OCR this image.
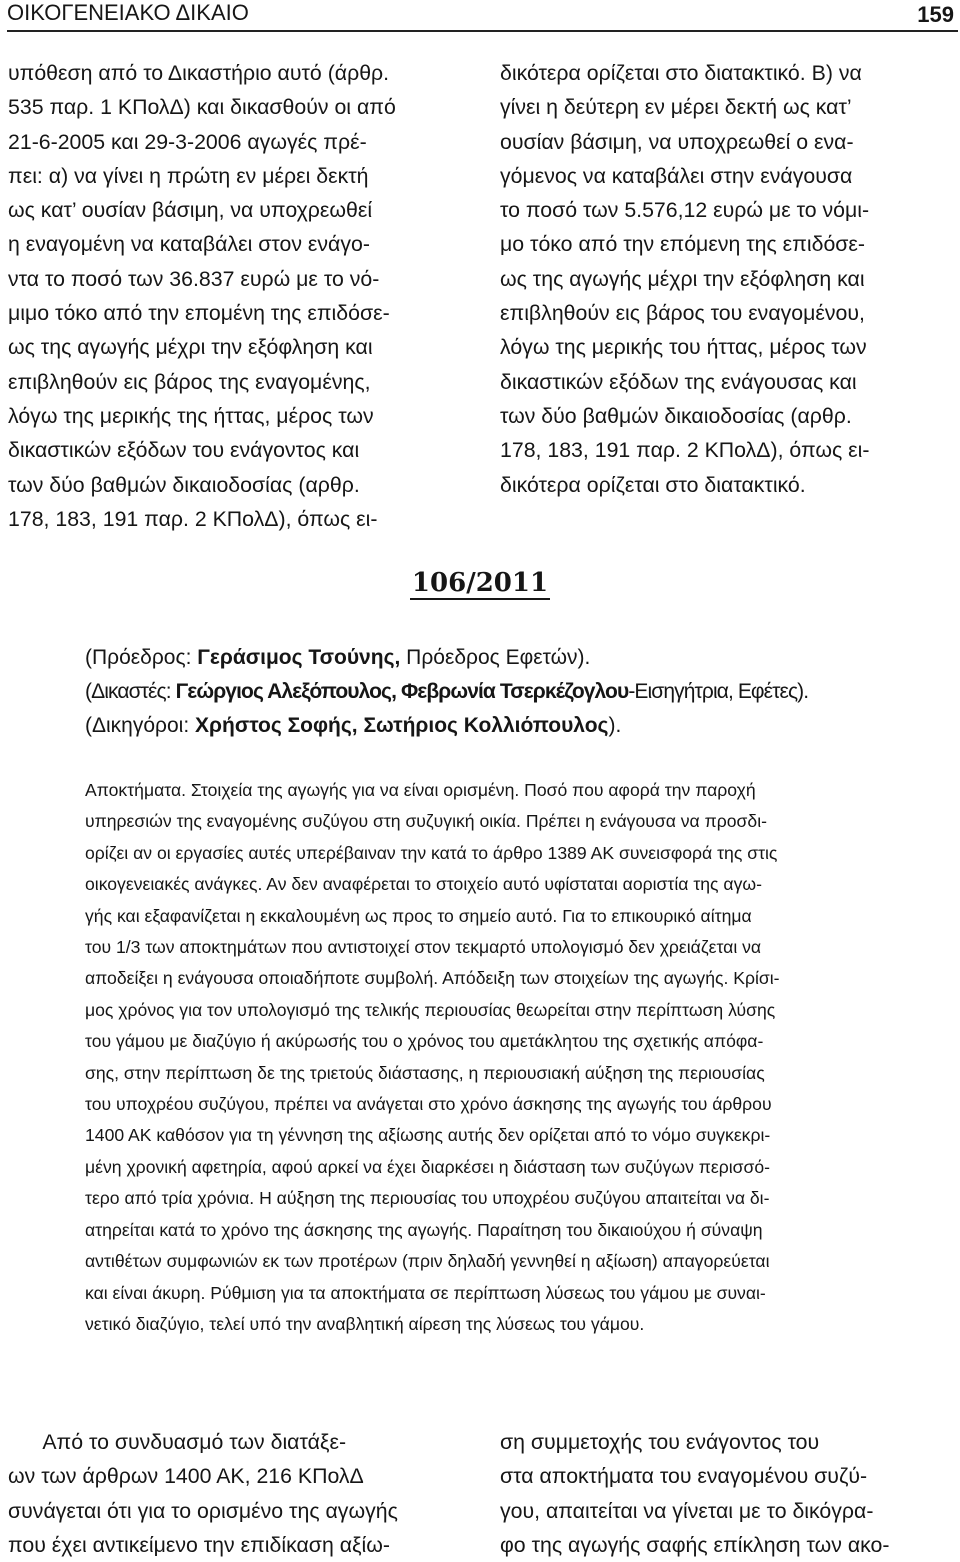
ΟΙΚΟΓΕΝΕΙΑΚΟ ΔΙΚΑΙΟ	159

υπόθεση από το Δικαστήριο αυτό (άρθρ.
535 παρ. 1 ΚΠολΔ) και δικασθούν οι από
21-6-2005 και 29-3-2006 αγωγές πρέ-
πει: α) να γίνει η πρώτη εν μέρει δεκτή
ως κατ’ ουσίαν βάσιμη, να υποχρεωθεί
η εναγομένη να καταβάλει στον ενάγο-
ντα το ποσό των 36.837 ευρώ με το νό-
μιμο τόκο από την επομένη της επιδόσε-
ως της αγωγής μέχρι την εξόφληση και
επιβληθούν εις βάρος της εναγομένης,
λόγω της μερικής της ήττας, μέρος των
δικαστικών εξόδων του ενάγοντος και
των δύο βαθμών δικαιοδοσίας (αρθρ.
178, 183, 191 παρ. 2 ΚΠολΔ), όπως ει-

δικότερα ορίζεται στο διατακτικό. Β) να
γίνει η δεύτερη εν μέρει δεκτή ως κατ’
ουσίαν βάσιμη, να υποχρεωθεί ο ενα-
γόμενος να καταβάλει στην ενάγουσα
το ποσό των 5.576,12 ευρώ με το νόμι-
μο τόκο από την επόμενη της επιδόσε-
ως της αγωγής μέχρι την εξόφληση και
επιβληθούν εις βάρος του εναγομένου,
λόγω της μερικής του ήττας, μέρος των
δικαστικών εξόδων της ενάγουσας και
των δύο βαθμών δικαιοδοσίας (αρθρ.
178, 183, 191 παρ. 2 ΚΠολΔ), όπως ει-
δικότερα ορίζεται στο διατακτικό.

106/2011
(Πρόεδρος: Γεράσιμος Τσούνης, Πρόεδρος Εφετών).
(Δικαστές: Γεώργιος Αλεξόπουλος, Φεβρωνία Τσερκέζογλου-Εισηγήτρια, Εφέτες).
(Δικηγόροι: Χρήστος Σοφής, Σωτήριος Κολλιόπουλος).

Αποκτήματα. Στοιχεία της αγωγής για να είναι ορισμένη. Ποσό που αφορά την παροχή
υπηρεσιών της εναγομένης συζύγου στη συζυγική οικία. Πρέπει η ενάγουσα να προσδι-
ορίζει αν οι εργασίες αυτές υπερέβαιναν την κατά το άρθρο 1389 ΑΚ συνεισφορά της στις
οικογενειακές ανάγκες. Αν δεν αναφέρεται το στοιχείο αυτό υφίσταται αοριστία της αγω-
γής και εξαφανίζεται η εκκαλουμένη ως προς το σημείο αυτό. Για το επικουρικό αίτημα
του 1/3 των αποκτημάτων που αντιστοιχεί στον τεκμαρτό υπολογισμό δεν χρειάζεται να
αποδείξει η ενάγουσα οποιαδήποτε συμβολή. Απόδειξη των στοιχείων της αγωγής. Κρίσι-
μος χρόνος για τον υπολογισμό της τελικής περιουσίας θεωρείται στην περίπτωση λύσης
του γάμου με διαζύγιο ή ακύρωσής του ο χρόνος του αμετάκλητου της σχετικής απόφα-
σης, στην περίπτωση δε της τριετούς διάστασης, η περιουσιακή αύξηση της περιουσίας
του υποχρέου συζύγου, πρέπει να ανάγεται στο χρόνο άσκησης της αγωγής του άρθρου
1400 ΑΚ καθόσον για τη γέννηση της αξίωσης αυτής δεν ορίζεται από το νόμο συγκεκρι-
μένη χρονική αφετηρία, αφού αρκεί να έχει διαρκέσει η διάσταση των συζύγων περισσό-
τερο από τρία χρόνια. Η αύξηση της περιουσίας του υποχρέου συζύγου απαιτείται να δι-
ατηρείται κατά το χρόνο της άσκησης της αγωγής. Παραίτηση του δικαιούχου ή σύναψη
αντιθέτων συμφωνιών εκ των προτέρων (πριν δηλαδή γεννηθεί η αξίωση) απαγορεύεται
και είναι άκυρη. Ρύθμιση για τα αποκτήματα σε περίπτωση λύσεως του γάμου με συναι-
νετικό διαζύγιο, τελεί υπό την αναβλητική αίρεση της λύσεως του γάμου.

Από το συνδυασμό των διατάξε-
ων των άρθρων 1400 ΑΚ, 216 ΚΠολΔ
συνάγεται ότι για το ορισμένο της αγωγής
που έχει αντικείμενο την επιδίκαση αξίω-

ση συμμετοχής του ενάγοντος του
στα αποκτήματα του εναγομένου συζύ-
γου, απαιτείται να γίνεται με το δικόγρα-
φο της αγωγής σαφής επίκληση των ακο-
